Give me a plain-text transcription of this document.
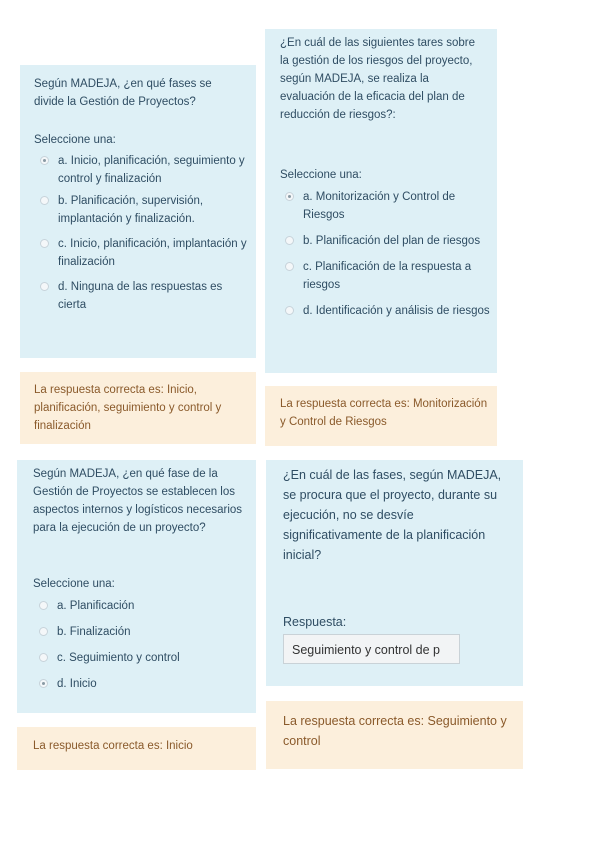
Según MADEJA, ¿en qué fases se divide la Gestión de Proyectos?
Seleccione una:
a. Inicio, planificación, seguimiento y control y finalización
b. Planificación, supervisión, implantación y finalización.
c. Inicio, planificación, implantación y finalización
d. Ninguna de las respuestas es cierta
La respuesta correcta es: Inicio, planificación, seguimiento y control y finalización
¿En cuál de las siguientes tares sobre la gestión de los riesgos del proyecto, según MADEJA, se realiza la evaluación de la eficacia del plan de reducción de riesgos?:
Seleccione una:
a. Monitorización y Control de Riesgos
b. Planificación del plan de riesgos
c. Planificación de la respuesta a riesgos
d. Identificación y análisis de riesgos
La respuesta correcta es: Monitorización y Control de Riesgos
Según MADEJA, ¿en qué fase de la Gestión de Proyectos se establecen los aspectos internos y logísticos necesarios para la ejecución de un proyecto?
Seleccione una:
a. Planificación
b. Finalización
c. Seguimiento y control
d. Inicio
La respuesta correcta es: Inicio
¿En cuál de las fases, según MADEJA, se procura que el proyecto, durante su ejecución, no se desvíe significativamente de la planificación inicial?
Respuesta:
Seguimiento y control de p
La respuesta correcta es: Seguimiento y control
